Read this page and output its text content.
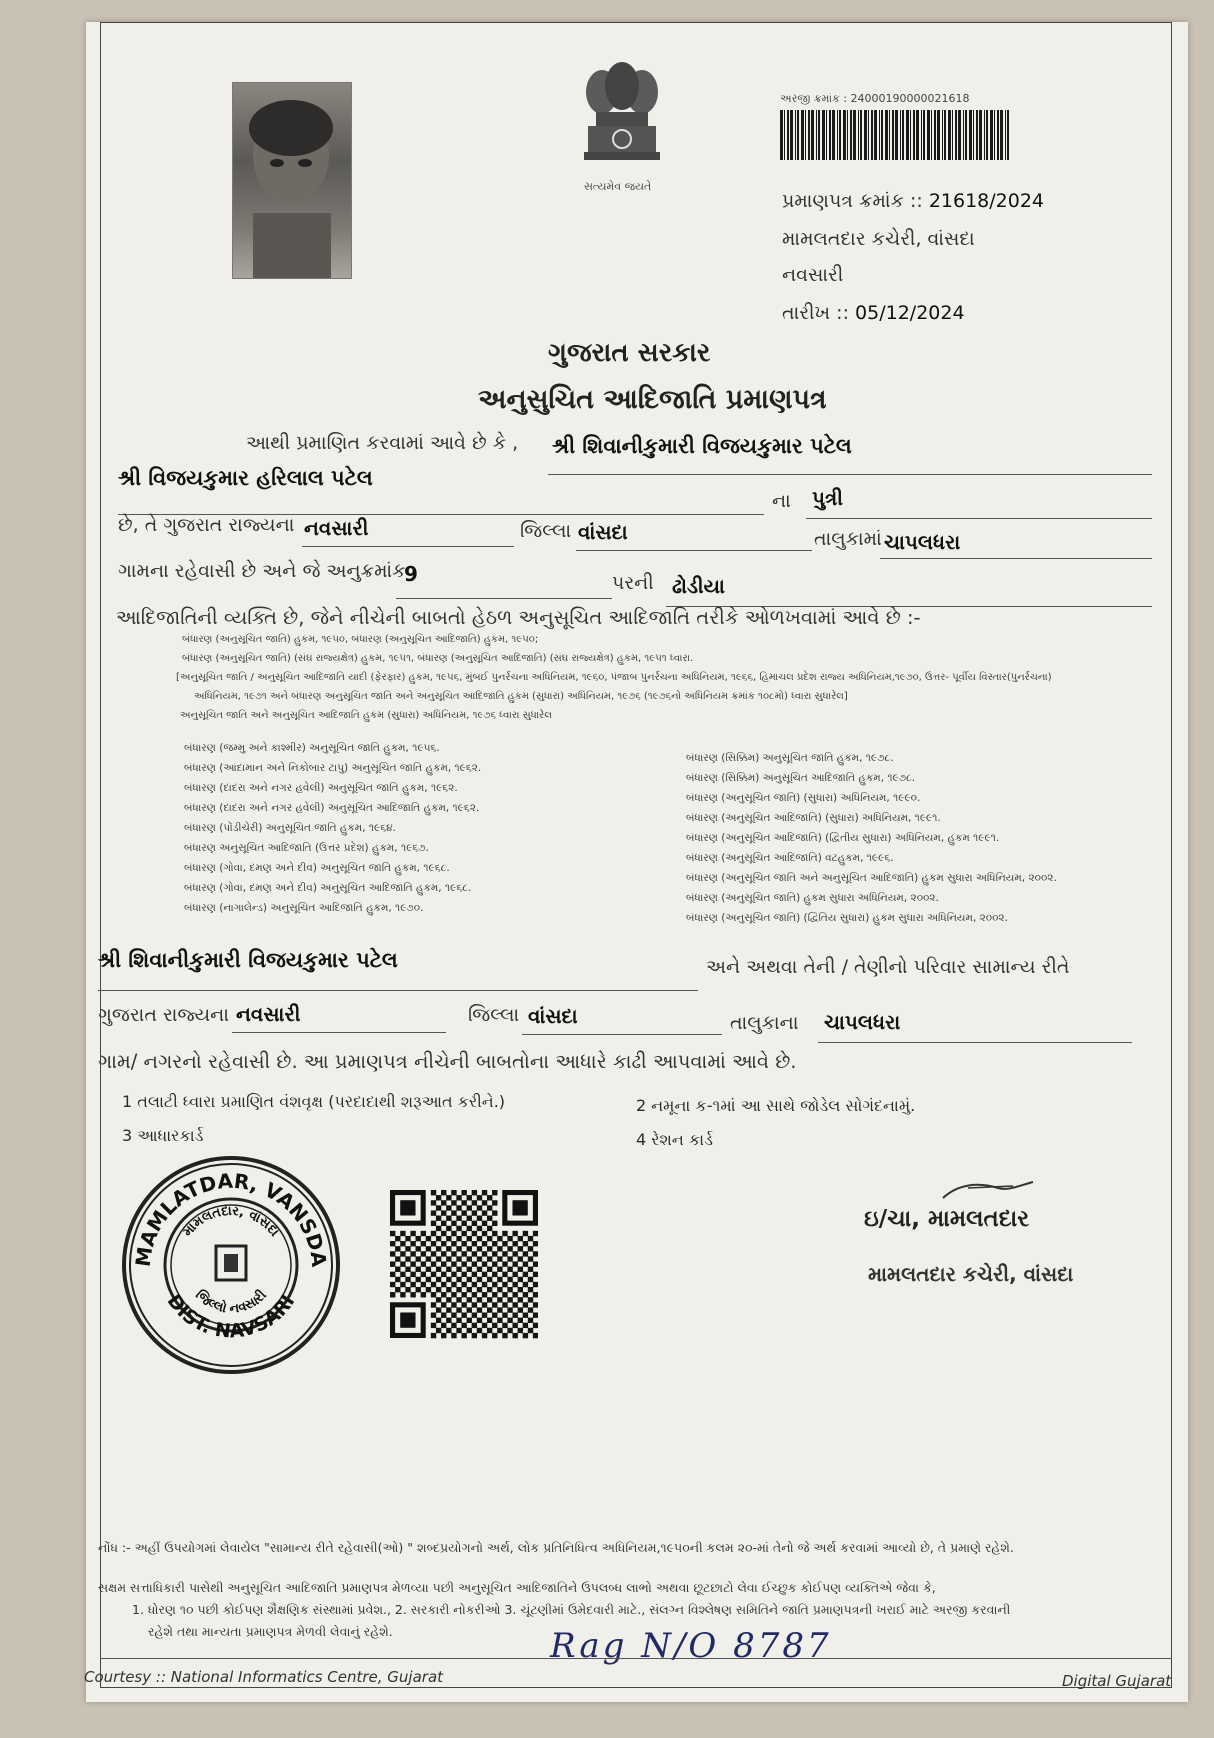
સત્યમેવ જયતે
અરજી ક્રમાંક : 24000190000021618
પ્રમાણપત્ર ક્રમાંક :: 21618/2024
મામલતદાર કચેરી, વાંસદા
નવસારી
તારીખ :: 05/12/2024
ગુજરાત સરકાર
અનુસુચિત આદિજાતિ પ્રમાણપત્ર
આથી પ્રમાણિત કરવામાં આવે છે કે , શ્રી શિવાનીકુમારી વિજયકુમાર પટેલ
શ્રી વિજયકુમાર હરિલાલ પટેલ
ના પુત્રી
છે, તે ગુજરાત રાજ્યના નવસારી	જિલ્લા વાંસદા	તાલુકામાં ચાપલધરા
ગામના રહેવાસી છે અને જે અનુક્રમાંક
9	પરની ઢોડીયા
આદિજાતિની વ્યક્તિ છે, જેને નીચેની બાબતો હેઠળ અનુસૂચિત આદિજાતિ તરીકે ઓળખવામાં આવે છે :-
બંધારણ (અનુસૂચિત જાતિ) હુકમ, ૧૯૫૦, બંધારણ (અનુસૂચિત આદિજાતિ) હુકમ, ૧૯૫૦;
બંધારણ (અનુસૂચિત જાતિ) (સંઘ રાજ્યક્ષેત્ર) હુકમ, ૧૯૫૧, બંધારણ (અનુસૂચિત આદિજાતિ) (સંઘ રાજ્યક્ષેત્ર) હુકમ, ૧૯૫૧ ધ્વારા.
[અનુસૂચિત જાતિ / અનુસૂચિત આદિજાતિ યાદી (ફેરફાર) હુકમ, ૧૯૫૬, મુંબઈ પુનર્રચના અધિનિયમ, ૧૯૬૦, પંજાબ પુનર્રચના અધિનિયમ, ૧૯૬૬, હિમાચલ પ્રદેશ રાજ્ય અધિનિયમ,૧૯૭૦, ઉત્તર- પૂર્વીય વિસ્તાર(પુનર્રચના)
અધિનિયમ, ૧૯૭૧ અને બંધારણ અનુસૂચિત જાતિ અને અનુસૂચિત આદિજાતિ હુકમ (સુધારા) અધિનિયમ, ૧૯૭૬ (૧૯૭૬નો અધિનિયમ ક્રમાંક ૧૦૮મો) ધ્વારા સુધારેલ]
અનુસૂચિત જાતિ અને અનુસૂચિત આદિજાતિ હુકમ (સુધારા) અધિનિયમ, ૧૯૭૬ ધ્વારા સુધારેલ
બંધારણ (જમ્મુ અને કાશ્મીર) અનુસૂચિત જાતિ હુકમ, ૧૯૫૬.
બંધારણ (આંદામાન અને નિકોબાર ટાપુ) અનુસૂચિત જાતિ હુકમ, ૧૯૬૨.
બંધારણ (દાદરા અને નગર હવેલી) અનુસૂચિત જાતિ હુકમ, ૧૯૬૨.
બંધારણ (દાદરા અને નગર હવેલી) અનુસૂચિત આદિજાતિ હુકમ, ૧૯૬૨.
બંધારણ (પોંડીચેરી) અનુસૂચિત જાતિ હુકમ, ૧૯૬૪.
બંધારણ અનુસૂચિત આદિજાતિ (ઉત્તર પ્રદેશ) હુકમ, ૧૯૬૭.
બંધારણ (ગોવા, દમણ અને દીવ) અનુસૂચિત જાતિ હુકમ, ૧૯૬૮.
બંધારણ (ગોવા, દમણ અને દીવ) અનુસૂચિત આદિજાતિ હુકમ, ૧૯૬૮.
બંધારણ (નાગાલેન્ડ) અનુસૂચિત આદિજાતિ હુકમ, ૧૯૭૦.
બંધારણ (સિક્કિમ) અનુસૂચિત જાતિ હુકમ, ૧૯૭૮.
બંધારણ (સિક્કિમ) અનુસૂચિત આદિજાતિ હુકમ, ૧૯૭૮.
બંધારણ (અનુસૂચિત જાતિ) (સુધારા) અધિનિયમ, ૧૯૯૦.
બંધારણ (અનુસૂચિત આદિજાતિ) (સુધારા) અધિનિયમ, ૧૯૯૧.
બંધારણ (અનુસૂચિત આદિજાતિ) (દ્વિતીય સુધારા) અધિનિયમ, હુકમ ૧૯૯૧.
બંધારણ (અનુસૂચિત આદિજાતિ) વટહુકમ, ૧૯૯૬.
બંધારણ (અનુસૂચિત જાતિ અને અનુસૂચિત આદિજાતિ) હુકમ સુધારા અધિનિયમ, ૨૦૦૨.
બંધારણ (અનુસૂચિત જાતિ) હુકમ સુધારા અધિનિયમ, ૨૦૦૨.
બંધારણ (અનુસૂચિત જાતિ) (દ્વિતિય સુધારા) હુકમ સુધારા અધિનિયમ, ૨૦૦૨.
શ્રી શિવાનીકુમારી વિજયકુમાર પટેલ	અને અથવા તેની / તેણીનો પરિવાર સામાન્ય રીતે
ગુજરાત રાજ્યના નવસારી	જિલ્લા વાંસદા	તાલુકાના ચાપલધરા
ગામ/ નગરનો રહેવાસી છે. આ પ્રમાણપત્ર નીચેની બાબતોના આધારે કાઢી આપવામાં આવે છે.
1 તલાટી ધ્વારા પ્રમાણિત વંશવૃક્ષ (પરદાદાથી શરૂઆત કરીને.)	2 નમૂના ક-૧માં આ સાથે જોડેલ સોગંદનામું.
3 આધારકાર્ડ	4 રેશન કાર્ડ
MAMLATDAR, VANSDA
DIST. NAVSARI
મામલતદાર, વાંસદા
જિલ્લો નવસારી
ઇ/ચા, મામલતદાર
મામલતદાર કચેરી, વાંસદા
નોંધ :- અહીં ઉપયોગમાં લેવાયેલ "સામાન્ય રીતે રહેવાસી(ઓ) " શબ્દપ્રયોગનો અર્થ, લોક પ્રતિનિધિત્વ અધિનિયમ,૧૯૫૦ની કલમ ૨૦-માં તેનો જે અર્થ કરવામાં આવ્યો છે, તે પ્રમાણે રહેશે.
સક્ષમ સત્તાધિકારી પાસેથી અનુસૂચિત આદિજાતિ પ્રમાણપત્ર મેળવ્યા પછી અનુસૂચિત આદિજાતિને ઉપલબ્ધ લાભો અથવા છૂટછાટો લેવા ઈચ્છુક કોઈપણ વ્યક્તિએ જેવા કે,
1. ધોરણ ૧૦ પછી કોઈપણ શૈક્ષણિક સંસ્થામાં પ્રવેશ., 2. સરકારી નોકરીઓ 3. ચૂંટણીમાં ઉમેદવારી માટે., સંલગ્ન વિશ્લેષણ સમિતિને જાતિ પ્રમાણપત્રની ખરાઈ માટે અરજી કરવાની
રહેશે તથા માન્યતા પ્રમાણપત્ર મેળવી લેવાનું રહેશે.	Rag N/O 8787
Courtesy :: National Informatics Centre, Gujarat	Digital Gujarat
